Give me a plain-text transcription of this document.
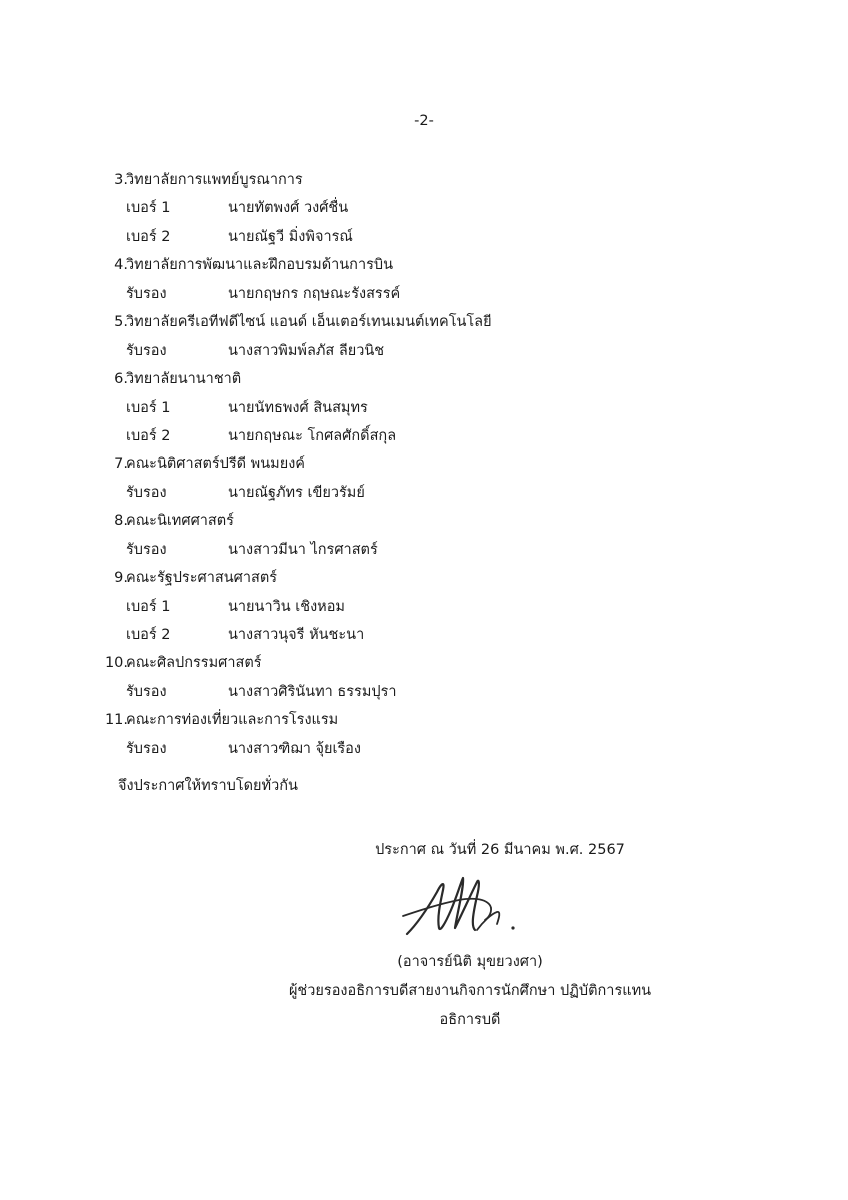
-2-
3.
วิทยาลัยการแพทย์บูรณาการ
เบอร์ 1	นายทัตพงศ์ วงศ์ชื่น
เบอร์ 2	นายณัฐวี มิ่งพิจารณ์
4.
วิทยาลัยการพัฒนาและฝึกอบรมด้านการบิน
รับรอง	นายกฤษกร กฤษณะรังสรรค์
5.
วิทยาลัยครีเอทีฟดีไซน์ แอนด์ เอ็นเตอร์เทนเมนต์เทคโนโลยี
รับรอง	นางสาวพิมพ์ลภัส ลียวนิช
6.
วิทยาลัยนานาชาติ
เบอร์ 1	นายนัทธพงศ์ สินสมุทร
เบอร์ 2	นายกฤษณะ โกศลศักดิ์สกุล
7.
คณะนิติศาสตร์ปรีดี พนมยงค์
รับรอง	นายณัฐภัทร เขียวรัมย์
8.
คณะนิเทศศาสตร์
รับรอง	นางสาวมีนา ไกรศาสตร์
9.
คณะรัฐประศาสนศาสตร์
เบอร์ 1	นายนาวิน เชิงหอม
เบอร์ 2	นางสาวนุจรี หันชะนา
10.
คณะศิลปกรรมศาสตร์
รับรอง	นางสาวศิรินันทา ธรรมปุรา
11.
คณะการท่องเที่ยวและการโรงแรม
รับรอง	นางสาวฑิฌา จุ้ยเรือง
จึงประกาศให้ทราบโดยทั่วกัน
ประกาศ ณ วันที่ 26 มีนาคม พ.ศ. 2567
(อาจารย์นิติ มุขยวงศา)
ผู้ช่วยรองอธิการบดีสายงานกิจการนักศึกษา ปฏิบัติการแทน
อธิการบดี
